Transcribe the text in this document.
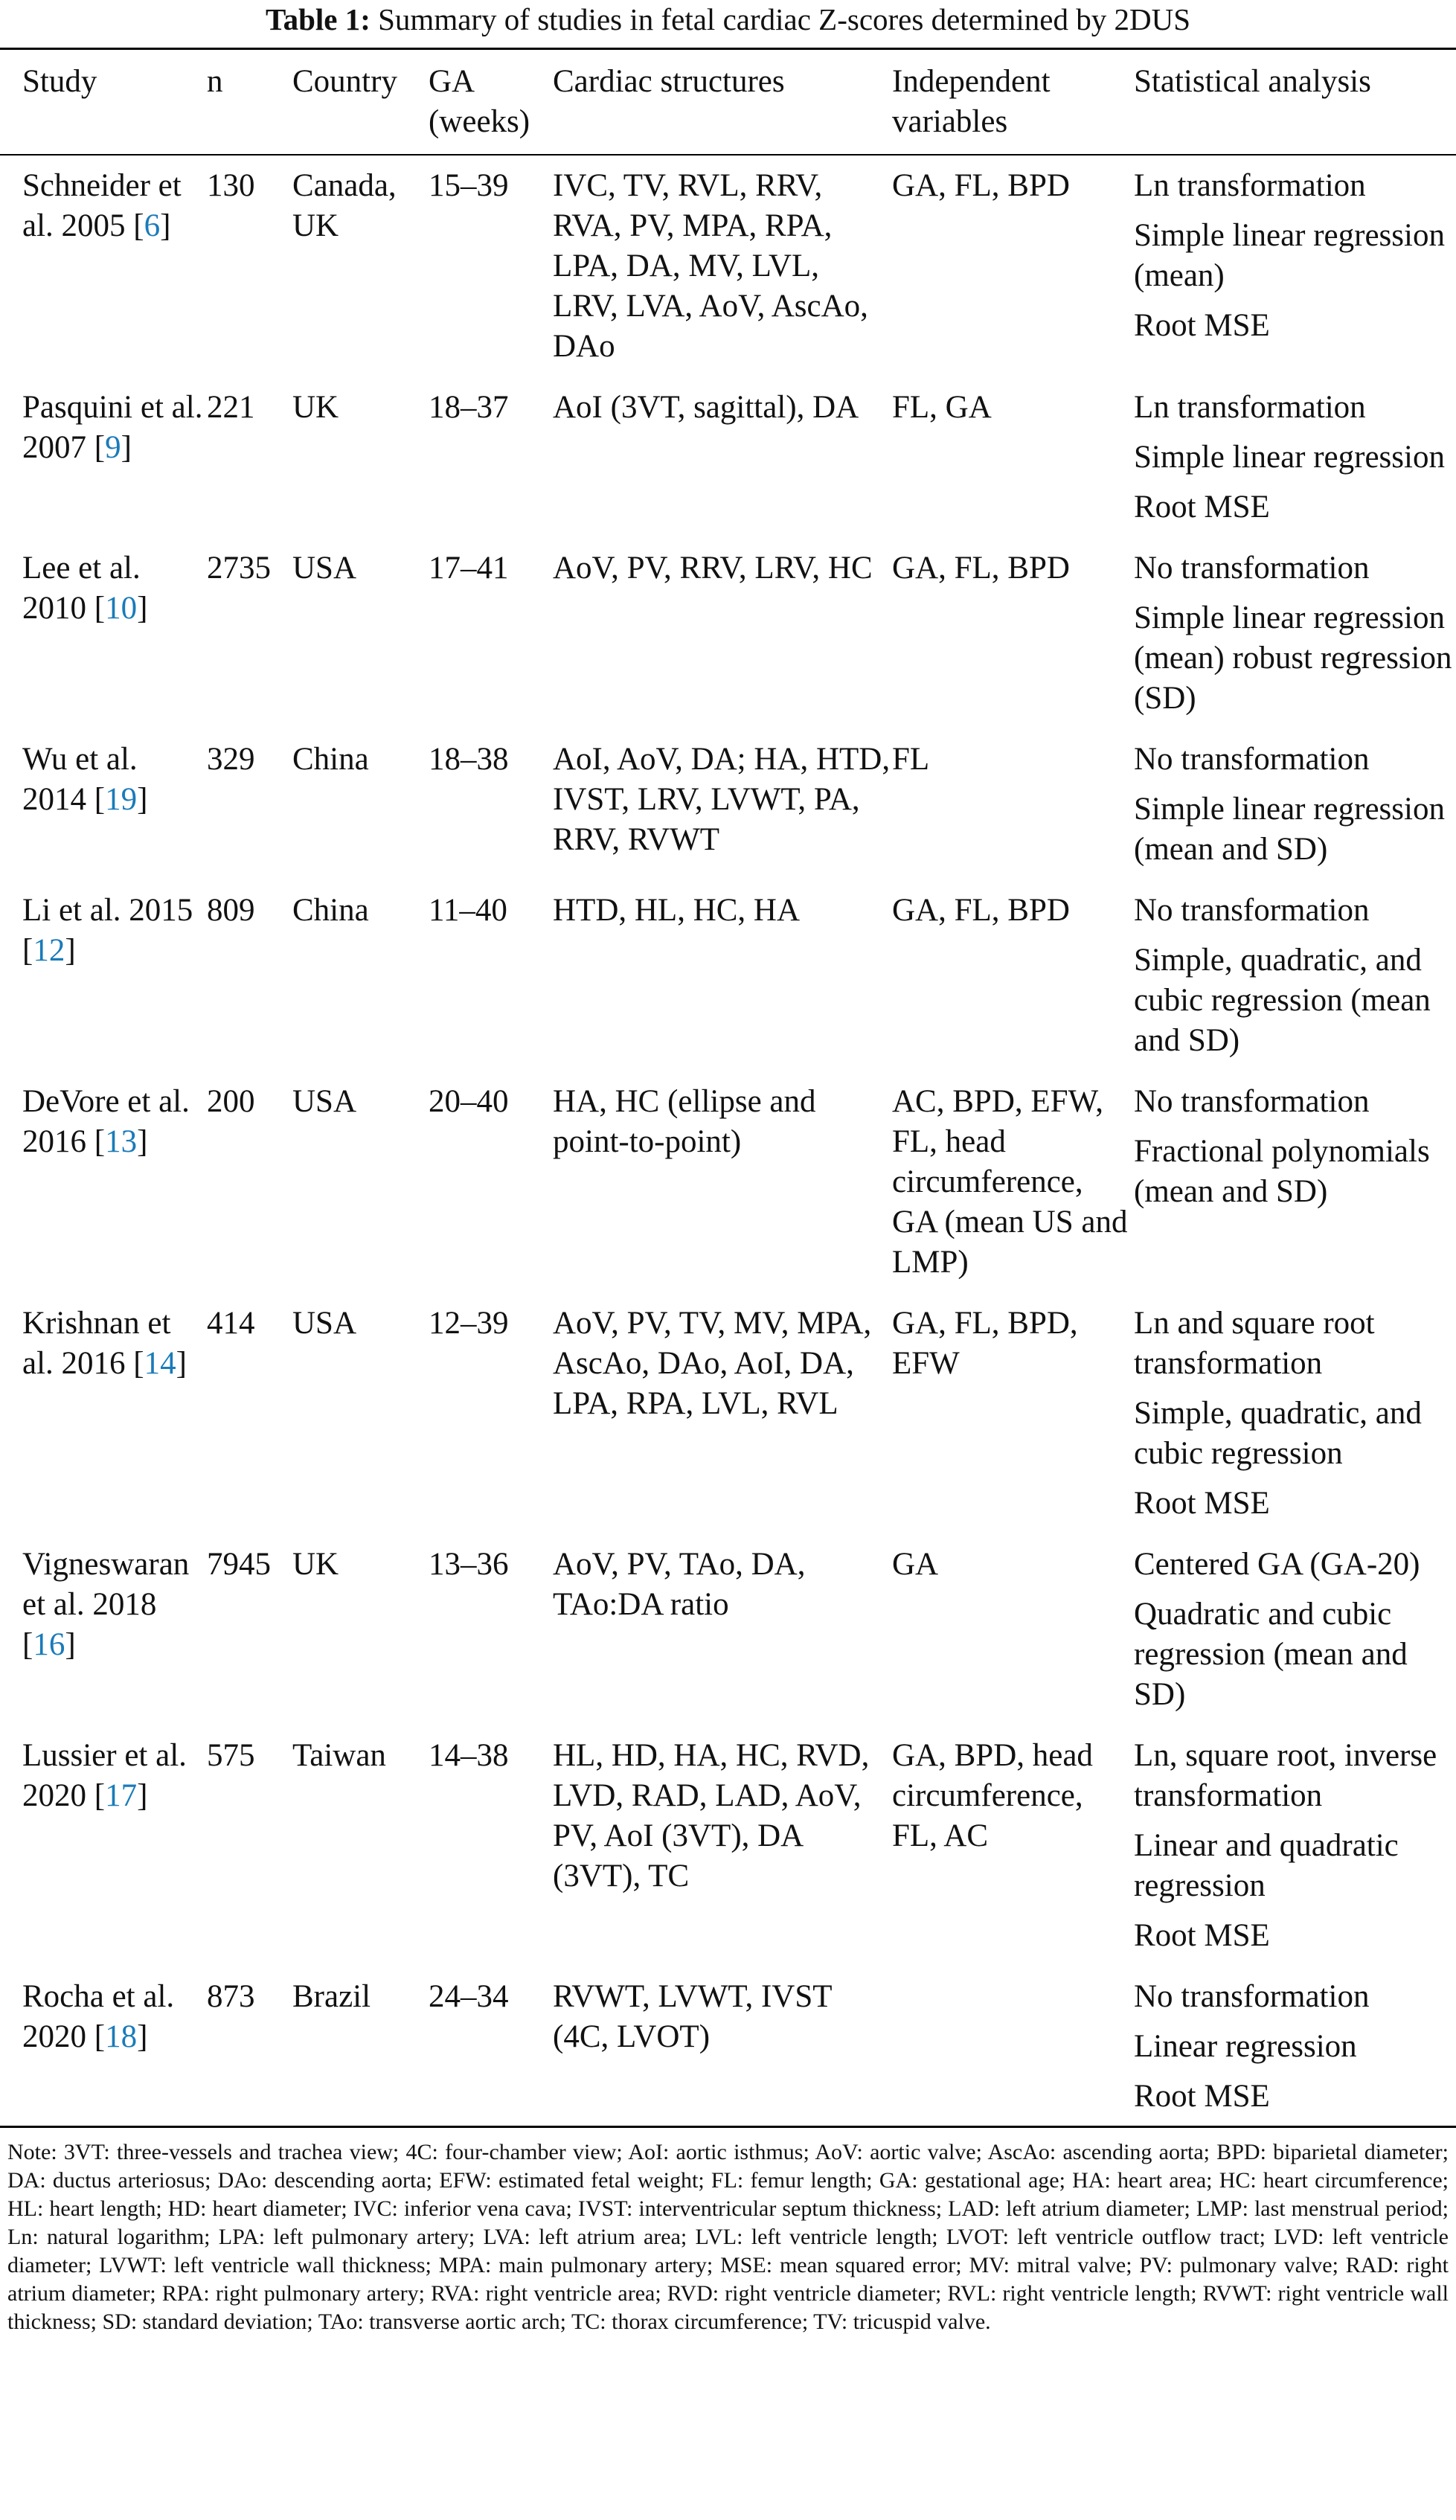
Table 1: Summary of studies in fetal cardiac Z-scores determined by 2DUS
Study	n	Country	GA (weeks)	Cardiac structures	Independent variables	Statistical analysis
Schneider et al. 2005 [6]	130	Canada, UK	15–39	IVC, TV, RVL, RRV, RVA, PV, MPA, RPA, LPA, DA, MV, LVL, LRV, LVA, AoV, AscAo, DAo	GA, FL, BPD	Ln transformation
Simple linear regression (mean)
Root MSE

Pasquini et al. 2007 [9]	221	UK	18–37	AoI (3VT, sagittal), DA	FL, GA	Ln transformation
Simple linear regression
Root MSE

Lee et al. 2010 [10]	2735	USA	17–41	AoV, PV, RRV, LRV, HC	GA, FL, BPD	No transformation
Simple linear regression (mean) robust regression (SD)

Wu et al. 2014 [19]	329	China	18–38	AoI, AoV, DA; HA, HTD, IVST, LRV, LVWT, PA, RRV, RVWT	FL	No transformation
Simple linear regression (mean and SD)

Li et al. 2015 [12]	809	China	11–40	HTD, HL, HC, HA	GA, FL, BPD	No transformation
Simple, quadratic, and cubic regression (mean and SD)

DeVore et al. 2016 [13]	200	USA	20–40	HA, HC (ellipse and point-to-point)	AC, BPD, EFW, FL, head circumference, GA (mean US and LMP)	No transformation
Fractional polynomials (mean and SD)

Krishnan et al. 2016 [14]	414	USA	12–39	AoV, PV, TV, MV, MPA, AscAo, DAo, AoI, DA, LPA, RPA, LVL, RVL	GA, FL, BPD, EFW	Ln and square root transformation
Simple, quadratic, and cubic regression
Root MSE

Vigneswaran et al. 2018 [16]	7945	UK	13–36	AoV, PV, TAo, DA, TAo:DA ratio	GA	Centered GA (GA-20)
Quadratic and cubic regression (mean and SD)

Lussier et al. 2020 [17]	575	Taiwan	14–38	HL, HD, HA, HC, RVD, LVD, RAD, LAD, AoV, PV, AoI (3VT), DA (3VT), TC	GA, BPD, head circumference, FL, AC	Ln, square root, inverse transformation
Linear and quadratic regression
Root MSE

Rocha et al. 2020 [18]	873	Brazil	24–34	RVWT, LVWT, IVST (4C, LVOT)		No transformation
Linear regression
Root MSE
Note: 3VT: three-vessels and trachea view; 4C: four-chamber view; AoI: aortic isthmus; AoV: aortic valve; AscAo: ascending aorta; BPD: biparietal diameter; DA: ductus arteriosus; DAo: descending aorta; EFW: estimated fetal weight; FL: femur length; GA: gestational age; HA: heart area; HC: heart circumference; HL: heart length; HD: heart diameter; IVC: inferior vena cava; IVST: interventricular septum thickness; LAD: left atrium diameter; LMP: last menstrual period; Ln: natural logarithm; LPA: left pulmonary artery; LVA: left atrium area; LVL: left ventricle length; LVOT: left ventricle outflow tract; LVD: left ventricle diameter; LVWT: left ventricle wall thickness; MPA: main pulmonary artery; MSE: mean squared error; MV: mitral valve; PV: pulmonary valve; RAD: right atrium diameter; RPA: right pulmonary artery; RVA: right ventricle area; RVD: right ventricle diameter; RVL: right ventricle length; RVWT: right ventricle wall thickness; SD: standard deviation; TAo: transverse aortic arch; TC: thorax circumference; TV: tricuspid valve.
